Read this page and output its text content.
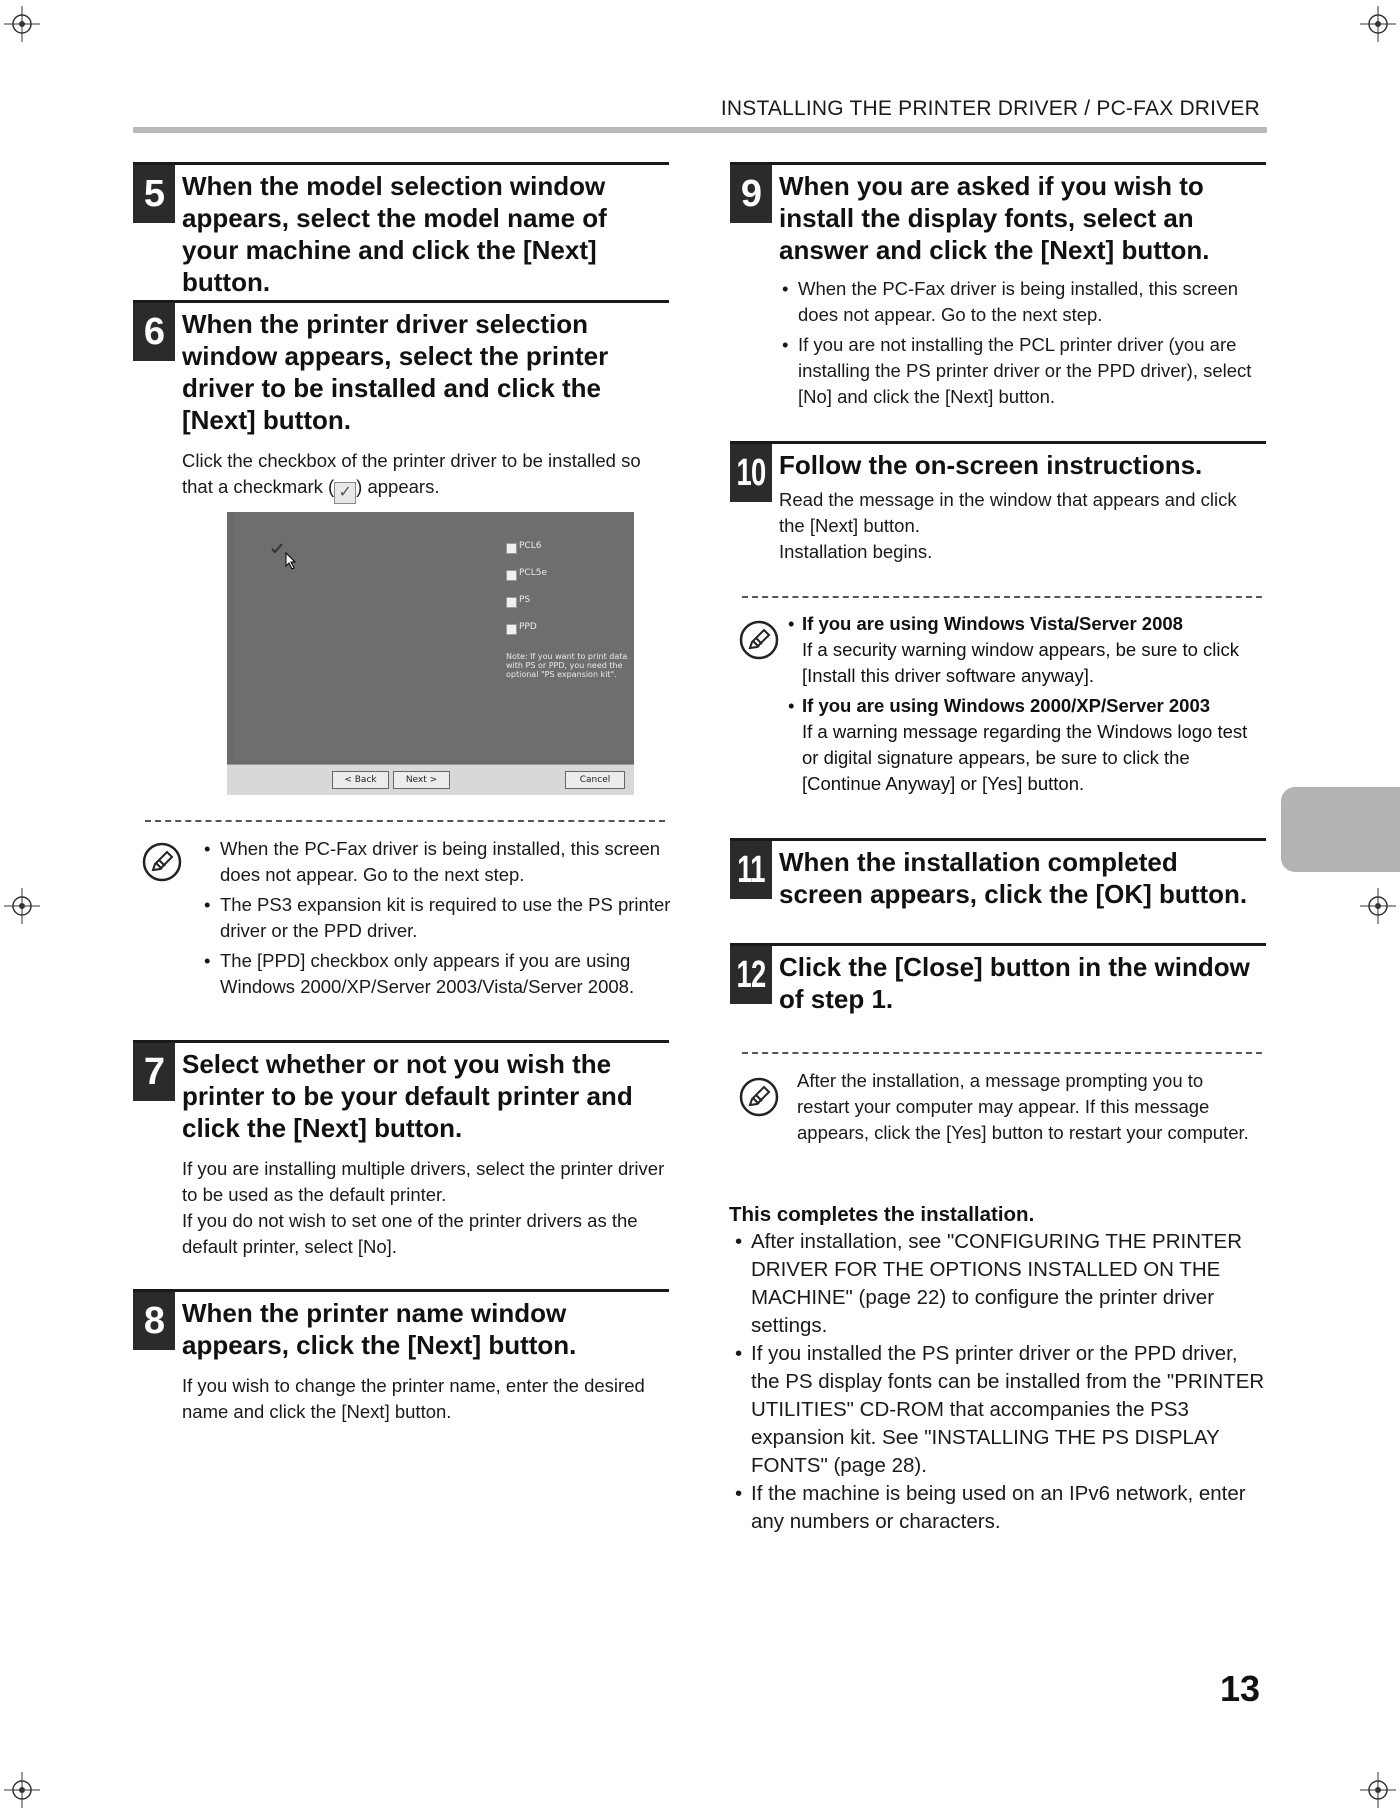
INSTALLING THE PRINTER DRIVER / PC-FAX DRIVER
5 When the model selection window appears, select the model name of your machine and click the [Next] button.
6 When the printer driver selection window appears, select the printer driver to be installed and click the [Next] button.
Click the checkbox of the printer driver to be installed so that a checkmark ( ✓ ) appears.
PCL6
PCL5e
PS
PPD
Note: If you want to print data with PS or PPD, you need the optional "PS expansion kit".
< Back	Next >	Cancel
• When the PC-Fax driver is being installed, this screen does not appear. Go to the next step.
• The PS3 expansion kit is required to use the PS printer driver or the PPD driver.
• The [PPD] checkbox only appears if you are using Windows 2000/XP/Server 2003/Vista/Server 2008.
7 Select whether or not you wish the printer to be your default printer and click the [Next] button.
If you are installing multiple drivers, select the printer driver to be used as the default printer.
If you do not wish to set one of the printer drivers as the default printer, select [No].
8 When the printer name window appears, click the [Next] button.
If you wish to change the printer name, enter the desired name and click the [Next] button.
9 When you are asked if you wish to install the display fonts, select an answer and click the [Next] button.
• When the PC-Fax driver is being installed, this screen does not appear. Go to the next step.
• If you are not installing the PCL printer driver (you are installing the PS printer driver or the PPD driver), select [No] and click the [Next] button.
10 Follow the on-screen instructions.
Read the message in the window that appears and click the [Next] button.
Installation begins.
• If you are using Windows Vista/Server 2008
If a security warning window appears, be sure to click [Install this driver software anyway].
• If you are using Windows 2000/XP/Server 2003
If a warning message regarding the Windows logo test or digital signature appears, be sure to click the [Continue Anyway] or [Yes] button.
11 When the installation completed screen appears, click the [OK] button.
12 Click the [Close] button in the window of step 1.
After the installation, a message prompting you to restart your computer may appear. If this message appears, click the [Yes] button to restart your computer.
This completes the installation.
• After installation, see "CONFIGURING THE PRINTER DRIVER FOR THE OPTIONS INSTALLED ON THE MACHINE" (page 22) to configure the printer driver settings.
• If you installed the PS printer driver or the PPD driver, the PS display fonts can be installed from the "PRINTER UTILITIES" CD-ROM that accompanies the PS3 expansion kit. See "INSTALLING THE PS DISPLAY FONTS" (page 28).
• If the machine is being used on an IPv6 network, enter any numbers or characters.
13
